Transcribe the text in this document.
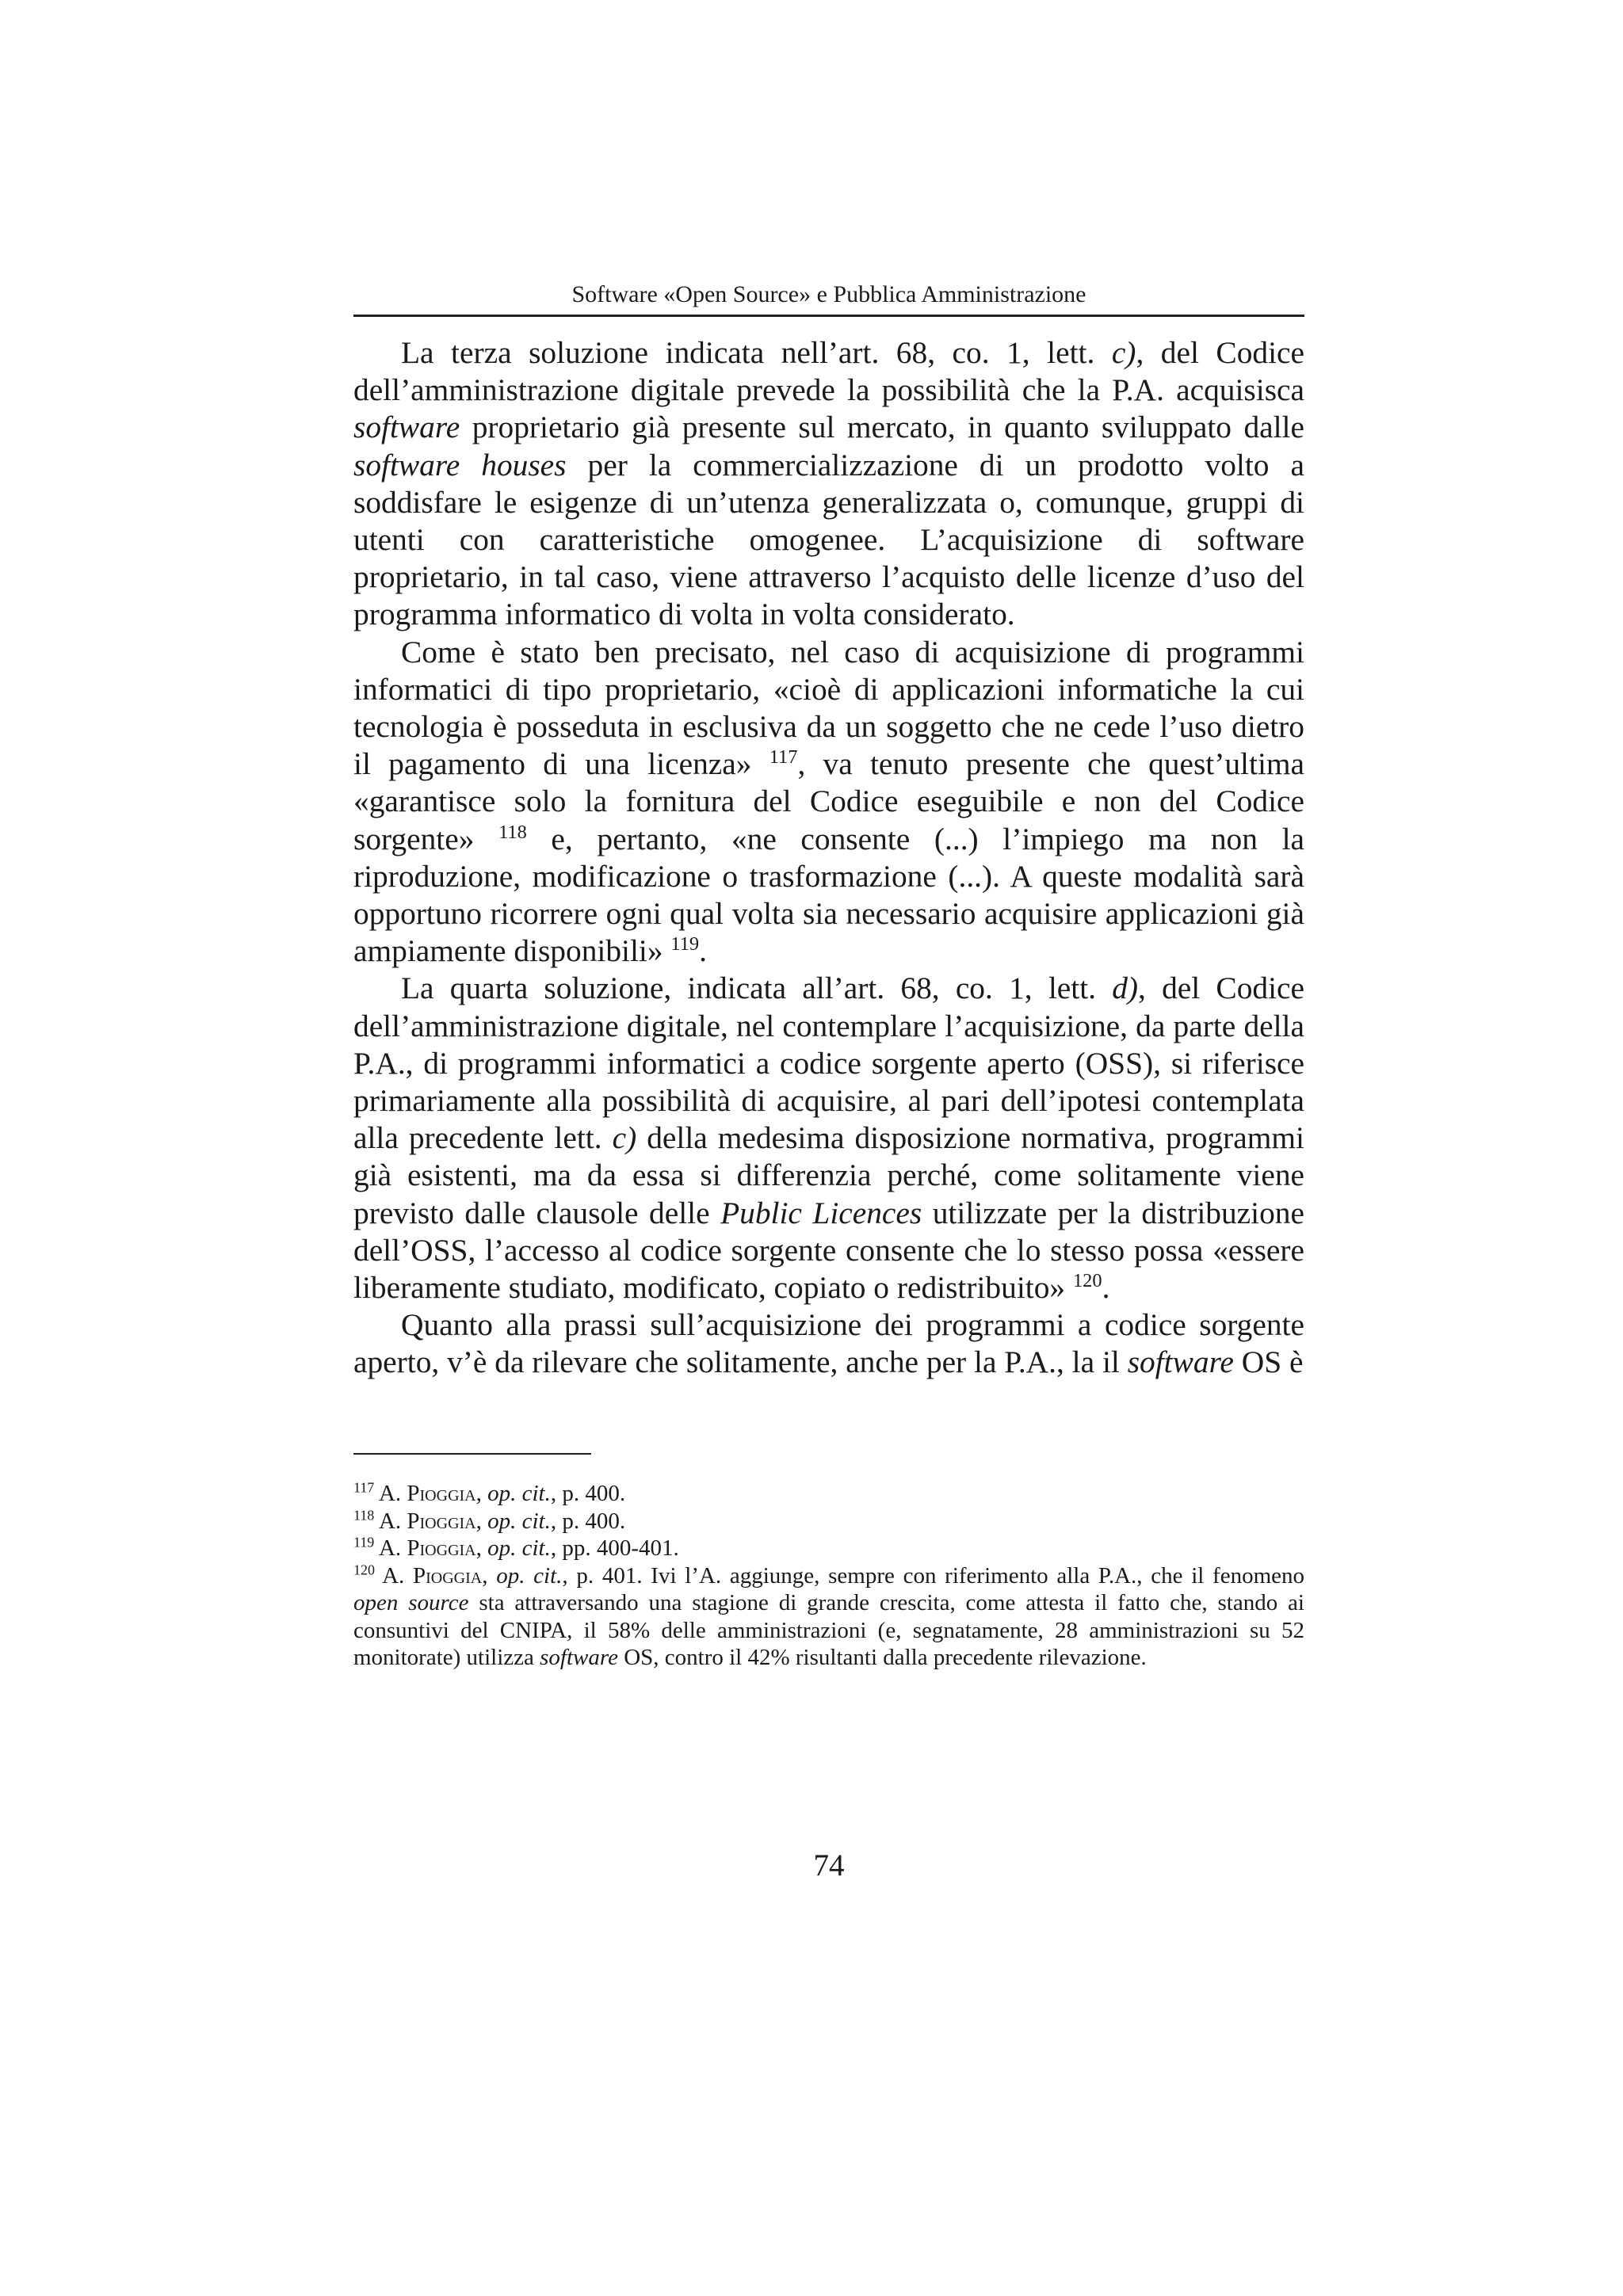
Software «Open Source» e Pubblica Amministrazione

La terza soluzione indicata nell’art. 68, co. 1, lett. c), del Codice dell’amministrazione digitale prevede la possibilità che la P.A. acquisisca software proprietario già presente sul mercato, in quanto sviluppato dalle software houses per la commercializzazione di un prodotto volto a soddisfare le esigenze di un’utenza generalizzata o, comunque, gruppi di utenti con caratteristiche omogenee. L’acquisizione di software proprietario, in tal caso, viene attraverso l’acquisto delle licenze d’uso del programma informatico di volta in volta considerato.

Come è stato ben precisato, nel caso di acquisizione di programmi informatici di tipo proprietario, «cioè di applicazioni informatiche la cui tecnologia è posseduta in esclusiva da un soggetto che ne cede l’uso dietro il pagamento di una licenza» $^{117}$, va tenuto presente che quest’ultima «garantisce solo la fornitura del Codice eseguibile e non del Codice sorgente» $^{118}$ e, pertanto, «ne consente (...) l’impiego ma non la riproduzione, modificazione o trasformazione (...). A queste modalità sarà opportuno ricorrere ogni qual volta sia necessario acquisire applicazioni già ampiamente disponibili» $^{119}$.

La quarta soluzione, indicata all’art. 68, co. 1, lett. d), del Codice dell’amministrazione digitale, nel contemplare l’acquisizione, da parte della P.A., di programmi informatici a codice sorgente aperto (OSS), si riferisce primariamente alla possibilità di acquisire, al pari dell’ipotesi contemplata alla precedente lett. c) della medesima disposizione normativa, programmi già esistenti, ma da essa si differenzia perché, come solitamente viene previsto dalle clausole delle Public Licences utilizzate per la distribuzione dell’OSS, l’accesso al codice sorgente consente che lo stesso possa «essere liberamente studiato, modificato, copiato o redistribuito» $^{120}$.

Quanto alla prassi sull’acquisizione dei programmi a codice sorgente aperto, v’è da rilevare che solitamente, anche per la P.A., la il software OS è

$^{117}$ A. Pioggia, op. cit., p. 400.

$^{118}$ A. Pioggia, op. cit., p. 400.

$^{119}$ A. Pioggia, op. cit., pp. 400-401.

$^{120}$ A. Pioggia, op. cit., p. 401. Ivi l’A. aggiunge, sempre con riferimento alla P.A., che il fenomeno open source sta attraversando una stagione di grande crescita, come attesta il fatto che, stando ai consuntivi del CNIPA, il 58% delle amministrazioni (e, segnatamente, 28 amministrazioni su 52 monitorate) utilizza software OS, contro il 42% risultanti dalla precedente rilevazione.

74
